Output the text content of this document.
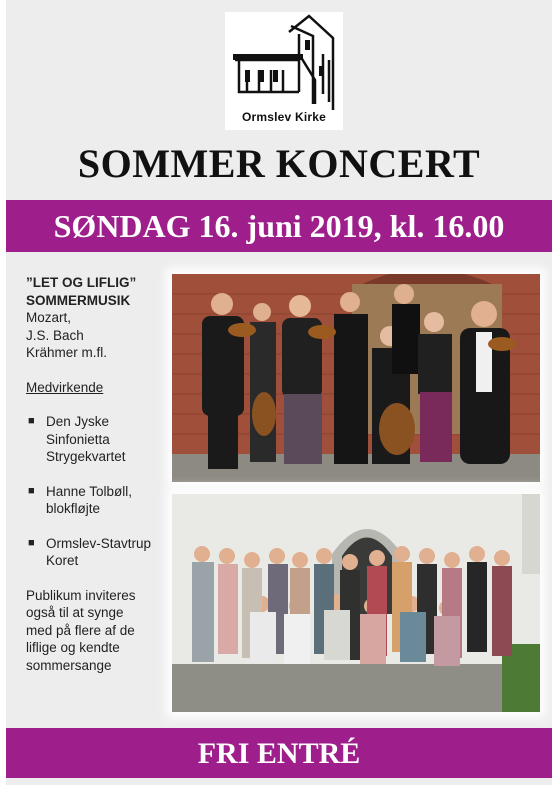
Ormslev Kirke
SOMMER KONCERT
SØNDAG 16. juni 2019, kl. 16.00
”LET OG LIFLIG”
SOMMERMUSIK
Mozart,
J.S. Bach
Krähmer m.fl.
Medvirkende
■ Den Jyske
Sinfonietta
Strygekvartet
■ Hanne Tolbøll,
blokfløjte
■ Ormslev-Stavtrup
Koret
Publikum inviteres
også til at synge
med på flere af de
liflige og kendte
sommersange
FRI ENTRÉ
